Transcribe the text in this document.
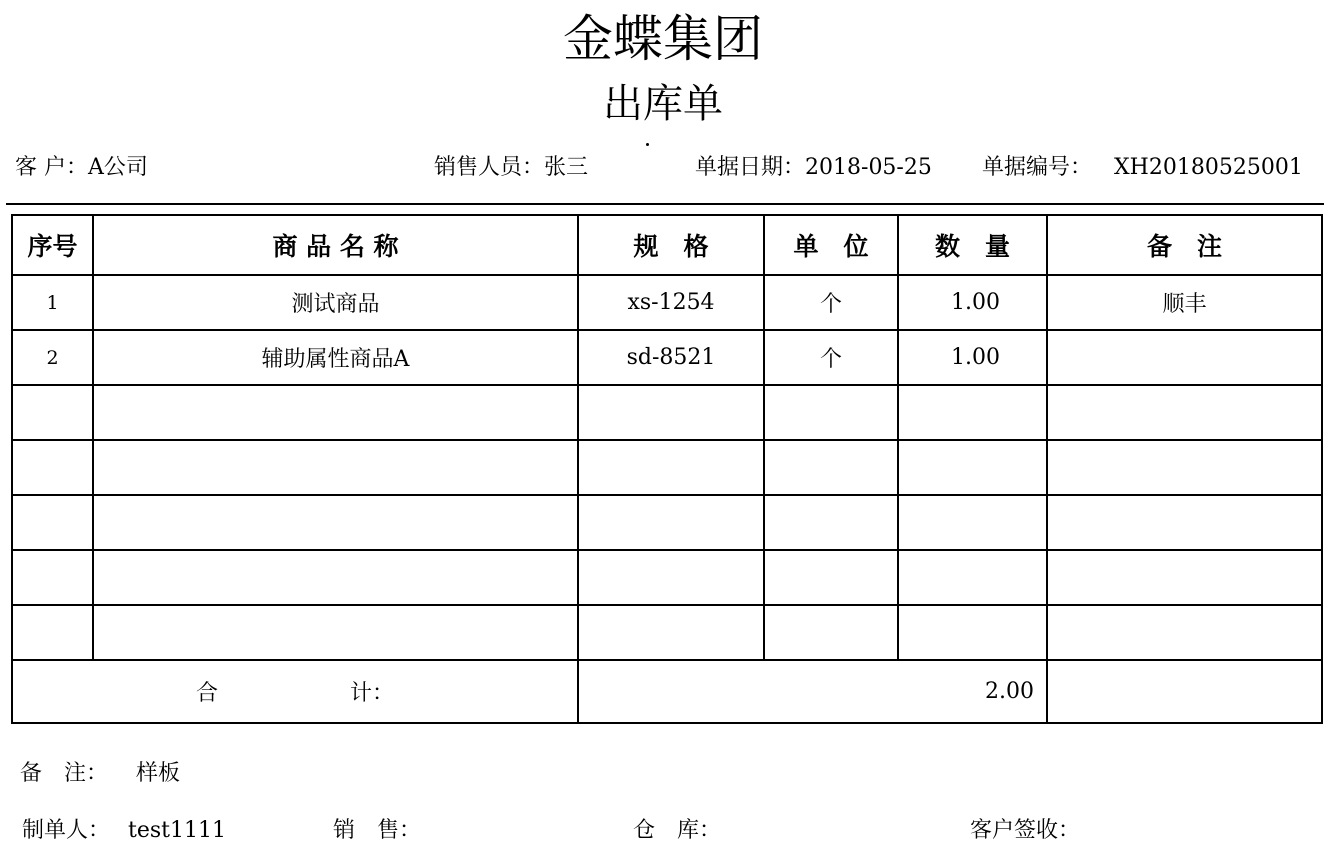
金蝶集团
出库单
客 户：A公司	销售人员：张三	单据日期：2018-05-25 单据编号： XH20180525001
序号	商 品 名 称	规　格	单　位	数　量	备　注
1	测试商品	xs-1254	个	1.00	顺丰
2	辅助属性商品A	sd-8521	个	1.00	

合　　　　　　计：		2.00			
备　注： 样板
制单人： test1111	销　售：	仓　库：	客户签收：
